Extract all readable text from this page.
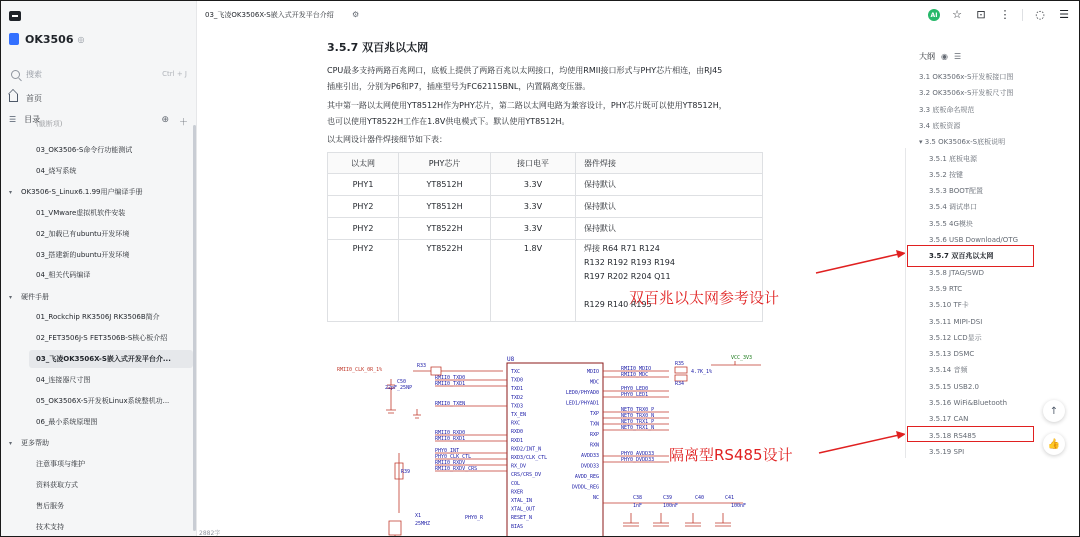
OK3506 ◎
搜索	Ctrl + J
首页
☰ 目录	⊕ ＋
(截断项)
03_OK3506-S命令行功能测试
04_烧写系统
▾	OK3506-S_Linux6.1.99用户编译手册
01_VMware虚拟机软件安装
02_加载已有ubuntu开发环境
03_搭建新的ubuntu开发环境
04_相关代码编译
▾	硬件手册
01_Rockchip RK3506J RK3506B简介
02_FET3506J-S FET3506B-S核心板介绍
03_飞凌OK3506X-S嵌入式开发平台介...
04_连接器尺寸图
05_OK3506X-S开发板Linux系统整机功...
06_最小系统原理图
▾	更多帮助
注意事项与维护
资料获取方式
售后服务
技术支持
03_飞凌OK3506X-S嵌入式开发平台介绍 ⚙	AI ☆ ⊡ ⋮ ◌ ☰
3.5.7 双百兆以太网
CPU最多支持两路百兆网口，底板上提供了两路百兆以太网接口，均使用RMII接口形式与PHY芯片相连，由RJ45
插座引出，分别为P6和P7，插座型号为FC62115BNL，内置隔离变压器。
其中第一路以太网使用YT8512H作为PHY芯片，第二路以太网电路为兼容设计，PHY芯片既可以使用YT8512H，
也可以使用YT8522H工作在1.8V供电模式下。默认使用YT8512H。
以太网设计器件焊接细节如下表：
以太网	PHY芯片	接口电平	器件焊接
PHY1	YT8512H	3.3V	保持默认
PHY2	YT8512H	3.3V	保持默认
PHY2	YT8522H	3.3V	保持默认
PHY2	YT8522H	1.8V	焊接 R64 R71 R124
R132 R192 R193 R194
R197 R202 R204 Q11

R129 R140 R195
U8
TXC
TXD0
TXD1
TXD2
TXD3
TX_EN
RXC
RXD0
RXD1
RXD2/INT_N
RXD3/CLK_CTL
RX_DV
CRS/CRS_DV
COL
RXER
XTAL_IN
XTAL_OUT
RESET_N
BIAS
MDIO
MDC
LED0/PHYAD0
LED1/PHYAD1
TXP
TXN
RXP
RXN
AVDD33
DVDD33
AVDD_REG
DVDDL_REG
NC
RMII0_CLK_0R_1%
RMII0_TXD0
RMII0_TXD1
RMII0_TXEN
RMII0_RXD0
RMII0_RXD1
PHY0_INT
PHY0_CLK_CTL
RMII0_RXDV
RMII0_RXDV_CRS
RMII0_MDIO
RMII0_MDC
PHY0_LED0
PHY0_LED1
NET0_TRX0_P
NET0_TRX0_N
NET0_TRX1_P
NET0_TRX1_N
PHY0_AVDD33
PHY0_DVDD33
R33
C50
22pF_25NP
R39
X1
25MHZ
R35
R34
4.7K_1%
C38	C39	C40	C41
1nF	100nF	100nF
PHY0_R
VCC_3V3
双百兆以太网参考设计
隔离型RS485设计
大纲 ◉ ☰
3.1 OK3506x-S开发板接口图
3.2 OK3506x-S开发板尺寸图
3.3 底板命名规范
3.4 底板资源
▾ 3.5 OK3506x-S底板说明
3.5.1 底板电源
3.5.2 按键
3.5.3 BOOT配置
3.5.4 调试串口
3.5.5 4G模块
3.5.6 USB Download/OTG
3.5.7 双百兆以太网
3.5.8 JTAG/SWD
3.5.9 RTC
3.5.10 TF卡
3.5.11 MIPI-DSI
3.5.12 LCD显示
3.5.13 DSMC
3.5.14 音频
3.5.15 USB2.0
3.5.16 WiFi&Bluetooth
3.5.17 CAN
3.5.18 RS485
3.5.19 SPI
↑
👍
2882字
